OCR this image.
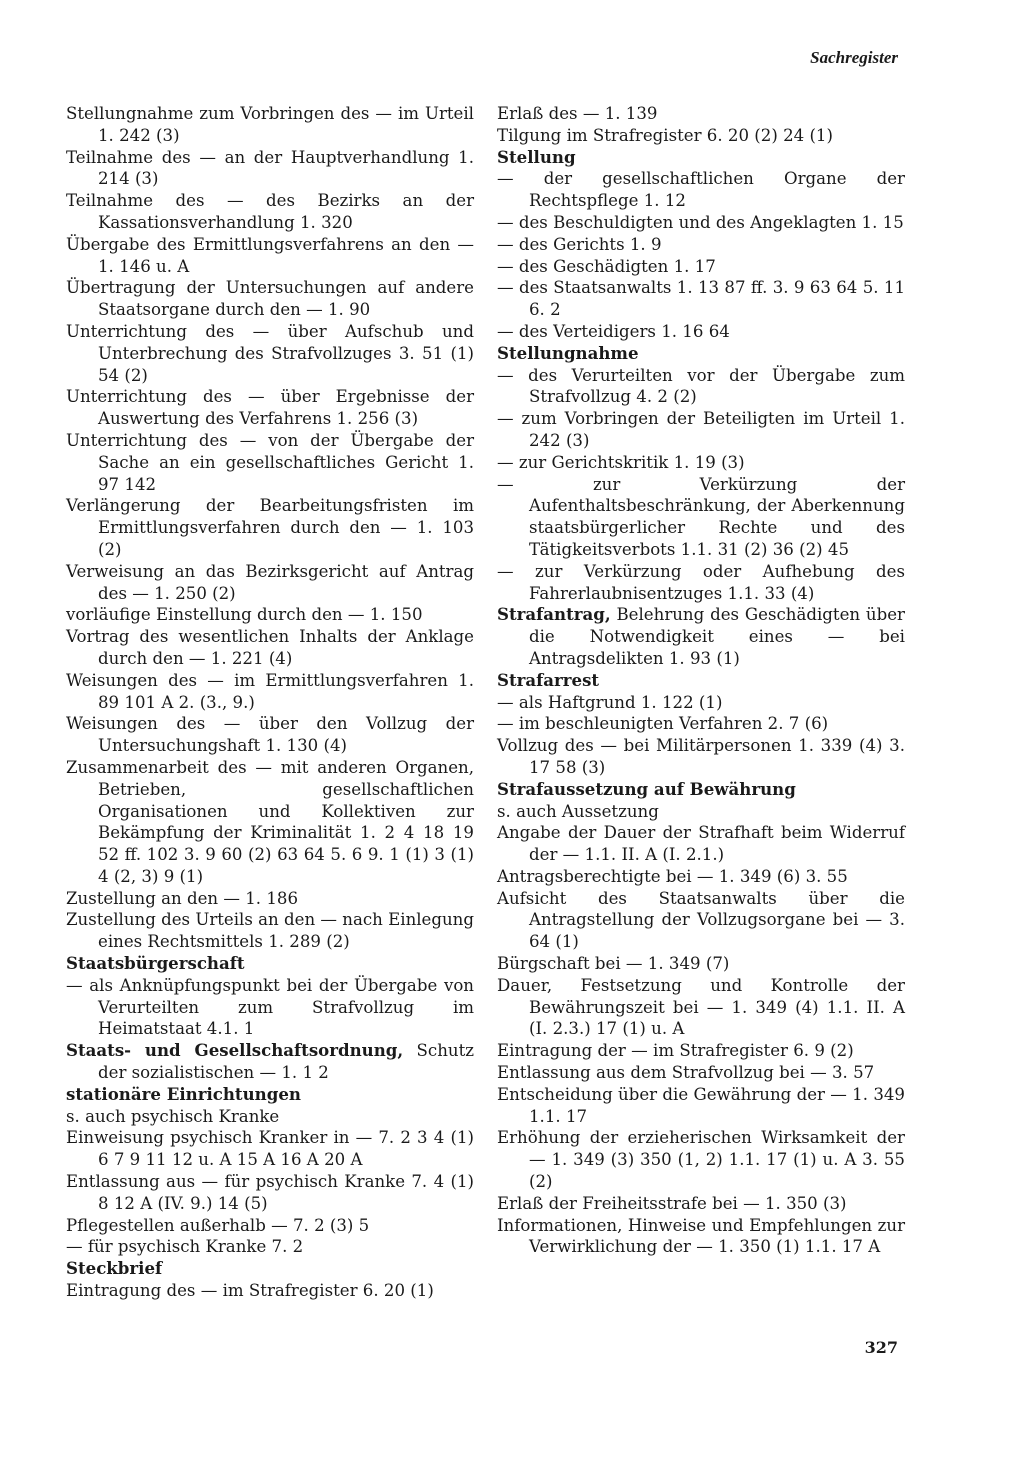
Sachregister

Stellungnahme zum Vorbringen des — im Urteil 1. 242 (3)

Teilnahme des — an der Hauptverhandlung 1. 214 (3)

Teilnahme des — des Bezirks an der Kassationsverhandlung 1. 320

Übergabe des Ermittlungsverfahrens an den — 1. 146 u. A

Übertragung der Untersuchungen auf andere Staatsorgane durch den — 1. 90

Unterrichtung des — über Aufschub und Unterbrechung des Strafvollzuges 3. 51 (1) 54 (2)

Unterrichtung des — über Ergebnisse der Auswertung des Verfahrens 1. 256 (3)

Unterrichtung des — von der Übergabe der Sache an ein gesellschaftliches Gericht 1. 97 142

Verlängerung der Bearbeitungsfristen im Ermittlungsverfahren durch den — 1. 103 (2)

Verweisung an das Bezirksgericht auf Antrag des — 1. 250 (2)

vorläufige Einstellung durch den — 1. 150

Vortrag des wesentlichen Inhalts der Anklage durch den — 1. 221 (4)

Weisungen des — im Ermittlungsverfahren 1. 89 101 A 2. (3., 9.)

Weisungen des — über den Vollzug der Untersuchungshaft 1. 130 (4)

Zusammenarbeit des — mit anderen Organen, Betrieben, gesellschaftlichen Organisationen und Kollektiven zur Bekämpfung der Kriminalität 1. 2 4 18 19 52 ff. 102 3. 9 60 (2) 63 64 5. 6 9. 1 (1) 3 (1) 4 (2, 3) 9 (1)

Zustellung an den — 1. 186

Zustellung des Urteils an den — nach Einlegung eines Rechtsmittels 1. 289 (2)

Staatsbürgerschaft

— als Anknüpfungspunkt bei der Übergabe von Verurteilten zum Strafvollzug im Heimatstaat 4.1. 1

Staats- und Gesellschaftsordnung, Schutz der sozialistischen — 1. 1 2

stationäre Einrichtungen

s. auch psychisch Kranke

Einweisung psychisch Kranker in — 7. 2 3 4 (1) 6 7 9 11 12 u. A 15 A 16 A 20 A

Entlassung aus — für psychisch Kranke 7. 4 (1) 8 12 A (IV. 9.) 14 (5)

Pflegestellen außerhalb — 7. 2 (3) 5

— für psychisch Kranke 7. 2

Steckbrief

Eintragung des — im Strafregister 6. 20 (1)

Erlaß des — 1. 139

Tilgung im Strafregister 6. 20 (2) 24 (1)

Stellung

— der gesellschaftlichen Organe der Rechtspflege 1. 12

— des Beschuldigten und des Angeklagten 1. 15

— des Gerichts 1. 9

— des Geschädigten 1. 17

— des Staatsanwalts 1. 13 87 ff. 3. 9 63 64 5. 11 6. 2

— des Verteidigers 1. 16 64

Stellungnahme

— des Verurteilten vor der Übergabe zum Strafvollzug 4. 2 (2)

— zum Vorbringen der Beteiligten im Urteil 1. 242 (3)

— zur Gerichtskritik 1. 19 (3)

— zur Verkürzung der Aufenthaltsbeschränkung, der Aberkennung staatsbürgerlicher Rechte und des Tätigkeitsverbots 1.1. 31 (2) 36 (2) 45

— zur Verkürzung oder Aufhebung des Fahrerlaubnisentzuges 1.1. 33 (4)

Strafantrag, Belehrung des Geschädigten über die Notwendigkeit eines — bei Antragsdelikten 1. 93 (1)

Strafarrest

— als Haftgrund 1. 122 (1)

— im beschleunigten Verfahren 2. 7 (6)

Vollzug des — bei Militärpersonen 1. 339 (4) 3. 17 58 (3)

Strafaussetzung auf Bewährung

s. auch Aussetzung

Angabe der Dauer der Strafhaft beim Widerruf der — 1.1. II. A (I. 2.1.)

Antragsberechtigte bei — 1. 349 (6) 3. 55

Aufsicht des Staatsanwalts über die Antragstellung der Vollzugsorgane bei — 3. 64 (1)

Bürgschaft bei — 1. 349 (7)

Dauer, Festsetzung und Kontrolle der Bewährungszeit bei — 1. 349 (4) 1.1. II. A (I. 2.3.) 17 (1) u. A

Eintragung der — im Strafregister 6. 9 (2)

Entlassung aus dem Strafvollzug bei — 3. 57

Entscheidung über die Gewährung der — 1. 349 1.1. 17

Erhöhung der erzieherischen Wirksamkeit der — 1. 349 (3) 350 (1, 2) 1.1. 17 (1) u. A 3. 55 (2)

Erlaß der Freiheitsstrafe bei — 1. 350 (3)

Informationen, Hinweise und Empfehlungen zur Verwirklichung der — 1. 350 (1) 1.1. 17 A

327
